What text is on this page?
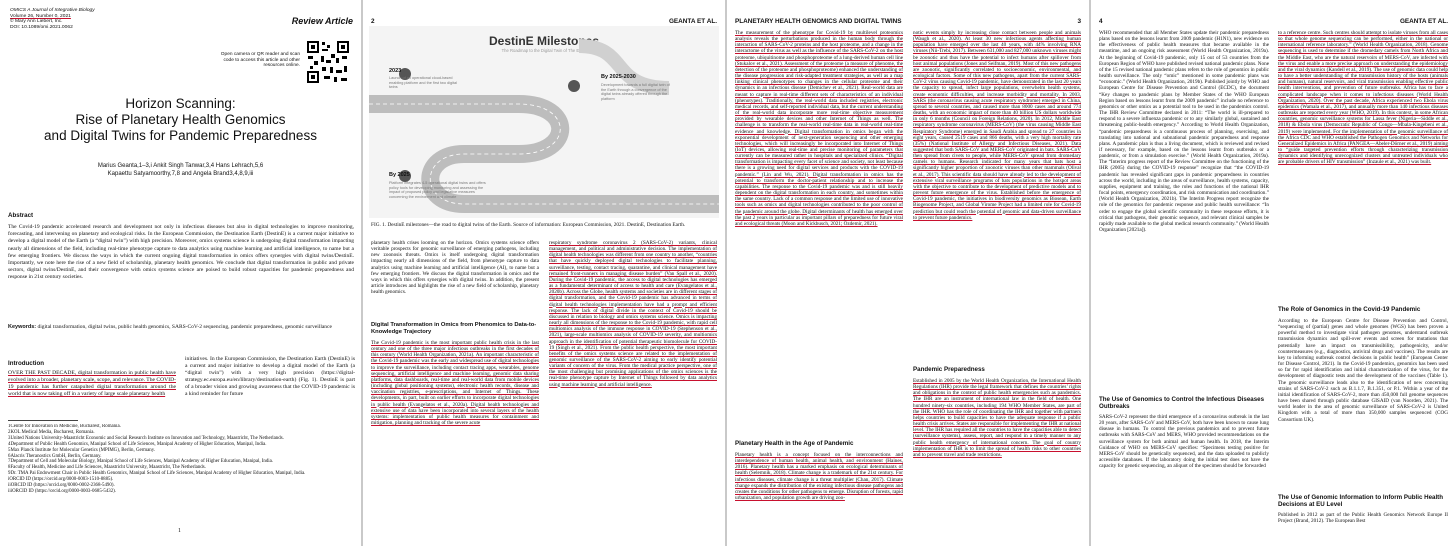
OMICS A Journal of Integrative Biology
Volume 26, Number 0, 2021
© Mary Ann Liebert, Inc.
DOI: 10.1089/omi.2021.0062
Review Article
Open camera or QR reader and scan code to access this article and other resources online.
Horizon Scanning:
Rise of Planetary Health Genomics
and Digital Twins for Pandemic Preparedness
Marius Geanta,1–3,i Ankit Singh Tanwar,3,4 Hans Lehrach,5,6
Kapaettu Satyamoorthy,7,8 and Angela Brand3,4,8,9,iii
Abstract
The Covid-19 pandemic accelerated research and development not only in infectious diseases but also in digital technologies to improve monitoring, forecasting, and intervening on planetary and ecological risks. In the European Commission, the Destination Earth (DestinE) is a current major initiative to develop a digital model of the Earth (a “digital twin”) with high precision. Moreover, omics systems science is undergoing digital transformation impacting nearly all dimensions of the field, including real-time phenotype capture to data analytics using machine learning and artificial intelligence, to name but a few emerging frontiers. We discuss the ways in which the current ongoing digital transformation in omics offers synergies with digital twins/DestinE. Importantly, we note here the rise of a new field of scholarship, planetary health genomics. We conclude that digital transformation in public and private sectors, digital twins/DestinE, and their convergence with omics systems science are poised to build robust capacities for pandemic preparedness and response in 21st century societies.
Keywords: digital transformation, digital twins, public health genomics, SARS-CoV-2 sequencing, pandemic preparedness, genomic surveillance
Introduction
OVER THE PAST DECADE, digital transformation in public health have evolved into a broader, planetary scale, scope, and relevance. The COVID-19 pandemic has further catapulted digital transformation around the world that is now taking off in a variety of large scale planetary health
initiatives. In the European Commission, the Destination Earth (DestinE) is a current and major initiative to develop a digital model of the Earth (a “digital twin”) with a very high precision (https://digital-strategy.ec.europa.eu/en/library/destination-earth) (Fig. 1). DestinE is part of a broader vision and growing awareness that the COVID-19 pandemic is a kind reminder for future
1Centre for Innovation in Medicine, Bucharest, Romania.
2KOL Medical Media, Bucharest, Romania.
3United Nations University-Maastricht Economic and Social Research Institute on Innovation and Technology, Maastricht, The Netherlands.
4Department of Public Health Genomics, Manipal School of Life Sciences, Manipal Academy of Higher Education, Manipal, India.
5Max Planck Institute for Molecular Genetics (MPIMG), Berlin, Germany.
6Alacris Theranostics GmbH, Berlin, Germany.
7Department of Cell and Molecular Biology, Manipal School of Life Sciences, Manipal Academy of Higher Education, Manipal, India.
8Faculty of Health, Medicine and Life Sciences, Maastricht University, Maastricht, The Netherlands.
9Dr. TMA Pai Endowment Chair in Public Health Genomics, Manipal School of Life Sciences, Manipal Academy of Higher Education, Manipal, India.
iORCID ID (https://orcid.org/0000-0003-1510-8885).
iiORCID ID (https://orcid.org/0000-0002-2368-5490).
iiiORCID ID (https://orcid.org/0000-0003-0685-5432).
1
2	GEANTA ET AL.
DestinE Milestones
The Roadmap to the Digital Twin of The Earth
2023
Launch of an operational cloud-based enabling platform and the first two digital twins
By 2025-2030
Development towards a full digital twin of the Earth through a convergence of the digital twins already offered through the platform
By 2025
Platform integrates 4-5 operational digital twins and offers policy tools for developing monitoring and assessing the impact of proposed policy and legislative measures concerning the environment and climate
FIG. 1. DestinE milestones—the road to digital twins of the Earth. Source of information: European Commission, 2021. DestinE, Destination Earth.
planetary health crises looming on the horizon. Omics systems science offers veritable prospects for genomic surveillance of emerging pathogens, including new zoonosis threats. Omics is itself undergoing digital transformation impacting nearly all dimensions of the field, from phenotype capture to data analytics using machine learning and artificial intelligence (AI), to name but a few emerging frontiers. We discuss the digital transformation in omics and the ways in which this offers synergies with digital twins. In addition, the present article introduces and highlights the rise of a new field of scholarship, planetary health genomics.
Digital Transformation in Omics from Phenomics to Data-to-Knowledge Trajectory
The Covid-19 pandemic is the most important public health crisis in the last century and one of the three major infectious outbreaks in the first decades of this century (World Health Organization, 2021a). An important characteristic of the Covid-19 pandemic was the early and widespread use of digital technologies to improve the surveillance, including contact tracing apps, wearables, genome sequencing, artificial intelligence and machine learning, genomic data sharing platforms, data dashboards, real-time and real-world data from mobile devices (including global positioning systems), electronic health records, disease and vaccination registries, e-prescriptions, and Internet of Things. These developments, in part, built on earlier efforts to incorporate digital technologies in public health (Evangelatos et al., 2020a). Digital health technologies and extensive use of data have been incorporated into several layers of the health systems: implementation of public health measures for containment and mitigation, planning and tracking of the severe acute
respiratory syndrome coronavirus 2 (SARS-CoV-2) variants, clinical management, and political and administrative decision. The implementation of digital health technologies was different from one country to another, “countries that have quickly deployed digital technologies to facilitate planning, surveillance, testing, contact tracing, quarantine, and clinical management have remained front-runners in managing disease burden” (Van Spall et al., 2020). During the Covid-19 pandemic, the access to digital technologies has emerged as a fundamental determinant of access to health and care (Evangelatos et al., 2020b). Across the Globe, health systems and societies are in different stages of digital transformation, and the Covid-19 pandemic has advanced in terms of digital health technologies implementation have had a prompt and efficient response. The lack of digital divide in the context of Covid-19 should be discussed in relation to biology and omics systems science. Omics is impacting nearly all dimensions of the response to the Covid-19 pandemic, with rapid cell multiomics analysis of the immune response in COVID-19 (Stephenson et al., 2021), large-scale multiomics analysis of COVID-19 severity, and multiomics approach in the identification of potential therapeutic biomolecule for COVID-19 (Singh et al., 2021). From the public health perspective, the most important benefits of the omics systems science are related to the implementation of genomic surveillance of the SARS-CoV-2 aiming to early identify potential variants of concern of the virus. From the medical practice perspective, one of the most challenging but promising applications of the omics sciences is the real-time phenotype capture by Internet of Things followed by data analytics using machine learning and artificial intelligence.
PLANETARY HEALTH GENOMICS AND DIGITAL TWINS	3
The measurement of the phenotype for Covid-19 by multilevel proteomics analysis reveals the perturbations produced in the human body through the interaction of SARS-CoV-2 proteins and the host proteome, and a change in the interactome of the virus as well as the influence of the SARS-CoV-2 on the host proteome, ubiquitinome and phosphoproteome of a lung-derived human cell line (Stukalov et al., 2021). Assessment of the proteome (a measure of phenome, the detection of the proteome and phosphoproteome) enhanced the understanding of the disease progression and risk-adapted treatment strategies, as well as a map linking clinical phenotypes to changes in the cellular proteome and their dynamics in an infectious disease (Demichev et al., 2021). Real-world data are meant to capture in real-time different sets of characteristics of an individual (phenotypes). Traditionally, the real-world data included registries, electronic medical records, and self-reported individual data, but the current understanding of the real-world data incorporate more real-time objective measurement provided by wearable devices and other Internet of Things as well. The challenge is to transform the real-world real-time data in real-world real-time evidence and knowledge. Digital transformation in omics began with the exponential development of next-generation sequencing and other emerging technologies, which will increasingly be incorporated into Internet of Things (IoT) devices, allowing real-time and precise monitoring of parameters that currently can be measured rather in hospitals and specialized clinics. “Digital transformation is impacting every facet of science and society, not least because there is a growing need for digital services and products with the COVID-19 pandemic.” (Lin and Wu, 2021). Digital transformation in omics has the potential to transform the doctor-patient relationship and to increase the capabilities. The response to the Covid-19 pandemic was and is still heavily dependent on the digital transformation in each country, and sometimes within the same country. Lack of a common response and the limited use of innovative tools such as omics and digital technologies contributed to the poor control of the pandemic around the globe. Digital determinants of health has emerged over the past 2 years in particular as important pillars of preparedness for future viral and ecological threats (Moon and Kickbusch, 2021; Özdemir, 2021).
Planetary Health in the Age of Pandemic
Planetary health is a concept focused on the interconnections and interdependence of human health, animal health, and environment (Haines, 2016). Planetary health has a marked emphasis on ecological determinants of health (Selemnik, 2018). Climate change is a trademark of the 21st century. For infectious diseases, climate change is a threat multiplier (Chan, 2017). Climate change expands the distribution of the existing infectious disease pathogens and creates the conditions for other pathogens to emerge. Disruption of forests, rapid urbanization, and population growth are driving zoo-
notic events simply by increasing close contact between people and animals (Waugh et al., 2020). At least 30 new infectious agents affecting human population have emerged over the last 40 years, with 44% involving RNA viruses (Nii-Trebi, 2017). Between 631,000 and 827,000 unknown viruses might be zoonotic and thus have the potential to infect humans after spillover from host animal populations (Jones and Seifman, 2019). Most of this new pathogens are zoonotic, significantly correlated to socioeconomic, environmental, and ecological factors. Some of this new pathogens, apart from the current SARS-CoV-2 virus causing Covid-19 pandemic, have demonstrated in the last 20 years the capacity to spread, infect large populations, overwhelm health systems, create economic difficulties, and increase morbidity and mortality. In 2003, SARS (the coronavirus causing acute respiratory syndrome) emerged in China, spread to several countries, and caused more than 8000 cases and around 774 deaths, with an economic impact of more than 40 billion US dollars worldwide in only 6 months (Council on Foreign Relations, 2020). In 2012, Middle East respiratory syndrome coronavirus (MERS-CoV) (the virus causing Middle East Respiratory Syndrome) emerged in Saudi Arabia and spread to 27 countries in eight years, caused 2519 cases and 866 deaths, with a very high mortality rate (35%) (National Institute of Allergy and Infectious Diseases, 2021). Data suggested that both SARS-CoV and MERS-CoV originated in bats. SARS-CoV then spread from civets to people, while MERS-CoV spread from dromedary camels to humans. Research indicated for many years that bats host a significantly higher proportion of zoonotic viruses than other mammals (Olival et al., 2017). This scientific data should have already led to the development of extensive viral surveillance programs of bats populations in the hotspot areas with the objective to contribute to the development of predictive models and to prevent future emergence of the virus. Established before the emergence of Covid-19 pandemic, the initiatives in biodiversity genomics as Biosean, Earth Biogenome Project, and Global Virome Project had a limited role for Covid-19 prediction but could reach the potential of genomic and data-driven surveillance to prevent future pandemics.
Pandemic Preparedness
Established in 2005 by the World Health Organization, the International Health Regulations (IHR) provide the legal framework that defines the countries’ rights and obligations in the context of public health emergencies such as pandemics. The IHR are an instrument of international law in the field of health. One hundred ninety-six countries, including 194 WHO Member States, are part of the IHR. WHO has the role of coordinating the IHR and together with partners helps countries to build capacities to have the adequate response if a public health crisis arrives. States are responsible for implementing the IHR at national level. The IHR has required all the countries to have the capacities able to detect (surveillance systems), assess, report, and respond in a timely manner to any public health emergency of international concern. The goal of country implementation of IHR is to limit the spread of health risks to other countries and to prevent travel and trade restrictions.
4	GEANTA ET AL.
WHO recommended that all Member States update their pandemic preparedness plans based on the lessons learnt from 2009 pandemic (H1N1), new evidence on the effectiveness of public health measures that became available in the meantime, and an ongoing risk assessment (World Health Organization, 2019a). At the beginning of Covid-19 pandemic, only 15 out of 53 countries from the European Region of WHO have published revised national pandemic plans. None of the 15 revised national pandemic plans refers to the role of genomics in public health surveillance. The only “omic” mentioned in some pandemic plans was “economic.” (World Health Organization, 2019b). Published jointly by WHO and European Centre for Disease Prevention and Control (ECDC), the document “Key changes to pandemic plans by Member States of the WHO European Region based on lessons learnt from the 2009 pandemic” include no reference to genomics or other omics as a potential tool to be used in the pandemics control. The IHR Review Committee declared in 2011: “The world is ill-prepared to respond to a severe influenza pandemic or to any similarly global, sustained and threatening public-health emergency.” According to World Health Organization, “pandemic preparedness is a continuous process of planning, exercising, and translating into national and subnational pandemic preparedness and response plans. A pandemic plan is thus a living document, which is reviewed and revised if necessary, for example, based on the lessons learnt from outbreaks or a pandemic, or from a simulation exercise.” (World Health Organization, 2019a). The “Interim progress report of the Review Committee on the functioning of the IHR (2005) during the COVID-19 response” recognize that “the COVID-19 pandemic has revealed significant gaps in pandemic preparedness in countries across the world, including in the areas of surveillance, health systems, capacity, supplies, equipment and training, the roles and functions of the national IHR focal points, emergency coordination, and risk communication and coordination.” (World Health Organization, 2021b). The Interim Progress report recognize the role of the genomics for pandemic response and public health surveillance: “In order to engage the global scientific community in these response efforts, it is critical that pathogens, their genomic sequence, and relevant clinical samples be rapidly made available to the global medical research community.” (World Health Organization [2021a]).
The Use of Genomics to Control the Infectious Diseases Outbreaks
SARS-CoV-2 represent the third emergence of a coronavirus outbreak in the last 20 years, after SARS-CoV and MERS-CoV, both have been known to cause lung disease in humans. To control the previous pandemics and to prevent future outbreaks with SARS-CoV and MERS, WHO provided recommendations on the surveillance system for both animal and human health. In 2018, the Interim Guidance of WHO on MERS-CoV specifies: “Specimens testing positive for MERS-CoV should be genetically sequenced, and the data uploaded to publicly accessible databases. If the laboratory doing the initial test does not have the capacity for genetic sequencing, an aliquot of the specimen should be forwarded
to a reference centre. Such centres should attempt to isolate viruses from all cases so that whole genome sequencing can be performed, either in the national or international reference laboratory.” (World Health Organization, 2018). Genome sequencing is used to determine if the dromedary camels from North Africa and the Middle East, who are the natural reservoirs of MERS-CoV, are infected with the virus and enable a more precise approach on understanding the epidemiology and the viral dynamics (Kandeil et al., 2019). The use of genomic data could help to have a better understanding of the transmission history of the hosts (animals and humans), natural reservoirs, and viral transmission enabling effective public health interventions, and prevention of future outbreaks. Africa has to face a complicated landscape when it comes to infectious diseases (World Health Organization, 2020). Over the past decade, Africa experienced two Ebola virus epidemics (Wamala et al., 2017), and annually more than 140 infectious diseases outbreaks are reported every year (WHO, 2019). In this context, in some African countries, genomic surveillance systems for Lassa fever (Nigeria—Siddle et al., 2018) & Ebola virus (Democratic Republic of Congo—Mbala-Kingebeni et al., 2019) were implemented. For the implementation of the genomic surveillance of the Africa CDC and WHO established the Pathogen Genomics and Networks for Generalized Epidemics in Africa (PANGEA—Abeler-Dörner et al., 2019) aiming to “guide targeted prevention efforts through characterizing transmission dynamics and identifying unrecognized clusters and untreated individuals who are probable drivers of HIV transmission” (Inzaule et al., 2021) was built.
The Role of Genomics in the Covid-19 Pandemic
According to the European Centre for Disease Prevention and Control, “sequencing of (partial) genes and whole genomes (WGS) has been proven a powerful method to investigate viral pathogen genomes, understand outbreak transmission dynamics and spill-over events and screen for mutations that potentially have an impact on transmissibility, pathogenicity, and/or countermeasures (e.g., diagnostics, antiviral drugs and vaccines). The results are key to informing outbreak control decisions in public health” (European Center for Disease Control, 2021). In the Covid-19 pandemics, genomics has been used so far for rapid identification and initial characterization of the virus, for the development of diagnostic tests and the development of the vaccines (Table 1). The genomic surveillance leads also to the identification of new concerning strains of SARS-CoV-2 such as B.1.1.7, B.1.351, or P.1. Within a year of the initial identification of SARS-CoV-2, more than 450,000 full genome sequences have been shared through public database GISAID (van Noorden, 2021). The world leader in the area of genomic surveillance of SARS-CoV-2 is United Kingdom with a total of more than 350,000 samples sequenced (COG Consortium UK).
The Use of Genomic Information to Inform Public Health Decisions at EU Level
Published in 2012 as part of the Public Health Genomics Network Europe II Project (Brand, 2012). The European Best
